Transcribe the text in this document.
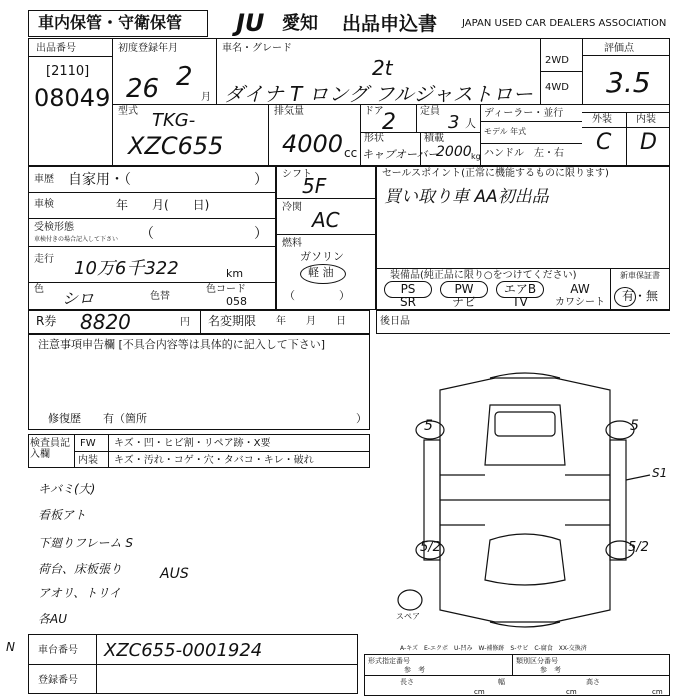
車内保管・守衛保管 JU 愛知 出品申込書 JAPAN USED CAR DEALERS ASSOCIATION
出品番号
[2110]
08049
初度登録年月
26 2
月
車名・グレード
2t
ダイナ T ロング フルジャストロー
2WD
4WD
評価点
3.5
型式 TKG-
XZC655
排気量
4000 cc
ドア
2 定員
3 人
形状
キャブオーバー
積載
2000 kg
ディーラー・並行
モデル 年式
ハンドル　左・右
外装 内装
C D
車歴 自家用・（	）
車検	年　　月(　　日)
受検形態
車検付きの場合記入して下さい （	）
走行 10万6千322	km
色 シロ	色替
色コード
058
シフト
5F
冷関
AC
燃料
ガソリン
軽 油
（　　　　）
セールスポイント(正常に機能するものに限ります)
買い取り車 AA初出品
装備品(純正品に限り○をつけてください)	新車保証書
有・無
PS	PW	エアB	AW
SR	ナビ	TV	カワシート
R券 8820	円 名変期限 年　　月　　日	後日品
注意事項申告欄 [不具合内容等は具体的に記入して下さい]
修復歴　　有（箇所	）
検査員記入欄
FW キズ・凹・ヒビ割・リペア跡・X要
内装 キズ・汚れ・コゲ・穴・タバコ・キレ・破れ
キバミ(大)
看板アト
下廻りフレーム S
荷台、床板張り
アオリ、トリイ
各AU
AUS
5	5
5/2	5/2
S1
スペア
A-キズ　E-エクボ　U-凹み　W-補修跡　S-サビ　C-腐食　XX-交換済
N 車台番号 XZC655-0001924
登録番号
形式指定番号
参　考
類別区分番号
参　考
長さ	幅	高さ
cm	cm	cm
